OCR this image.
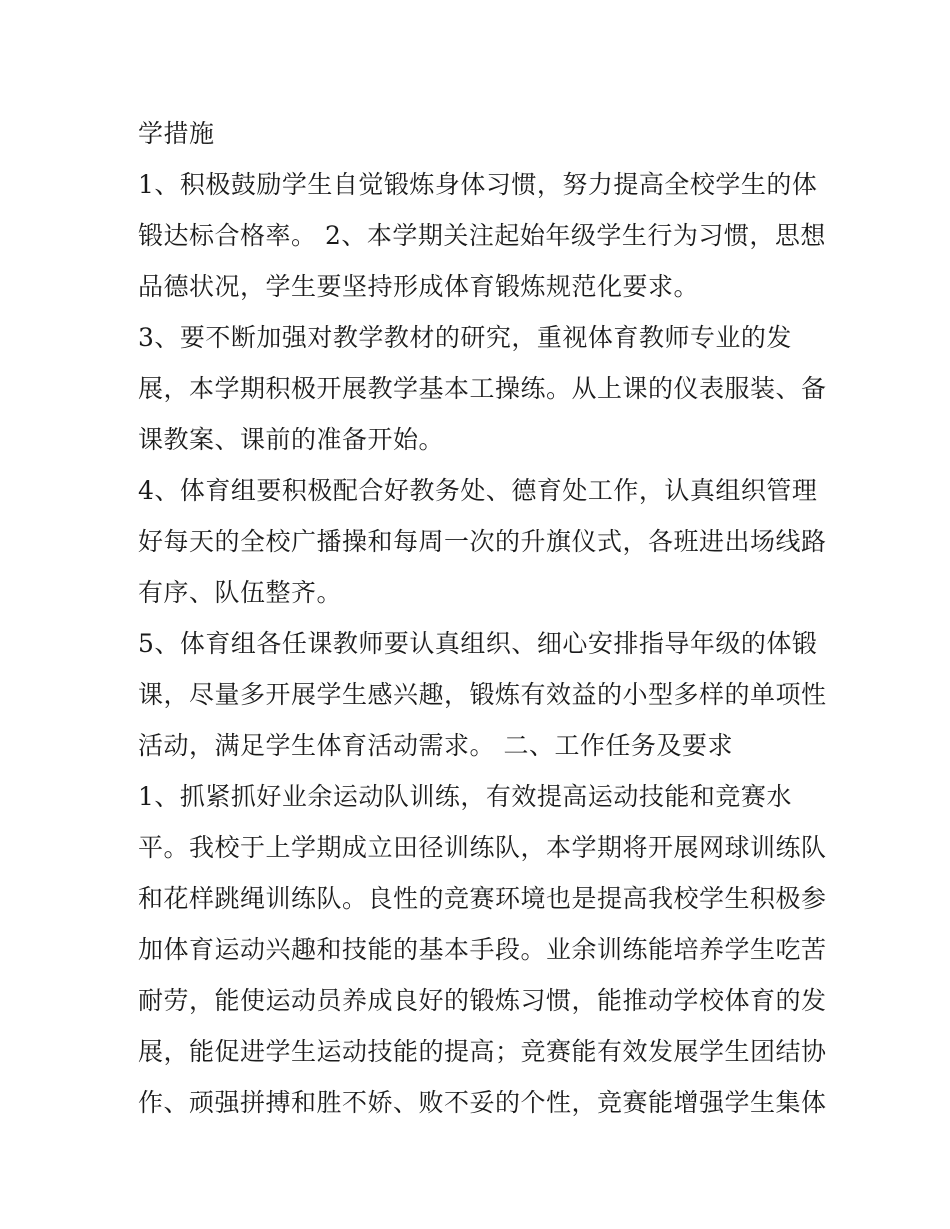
学措施
1、积极鼓励学生自觉锻炼身体习惯，努力提高全校学生的体
锻达标合格率。 2、本学期关注起始年级学生行为习惯，思想
品德状况，学生要坚持形成体育锻炼规范化要求。
3、要不断加强对教学教材的研究，重视体育教师专业的发
展，本学期积极开展教学基本工操练。从上课的仪表服装、备
课教案、课前的准备开始。
4、体育组要积极配合好教务处、德育处工作，认真组织管理
好每天的全校广播操和每周一次的升旗仪式，各班进出场线路
有序、队伍整齐。
5、体育组各任课教师要认真组织、细心安排指导年级的体锻
课，尽量多开展学生感兴趣，锻炼有效益的小型多样的单项性
活动，满足学生体育活动需求。 二、工作任务及要求
1、抓紧抓好业余运动队训练，有效提高运动技能和竞赛水
平。我校于上学期成立田径训练队，本学期将开展网球训练队
和花样跳绳训练队。良性的竞赛环境也是提高我校学生积极参
加体育运动兴趣和技能的基本手段。业余训练能培养学生吃苦
耐劳，能使运动员养成良好的锻炼习惯，能推动学校体育的发
展，能促进学生运动技能的提高；竞赛能有效发展学生团结协
作、顽强拼搏和胜不娇、败不妥的个性，竞赛能增强学生集体
